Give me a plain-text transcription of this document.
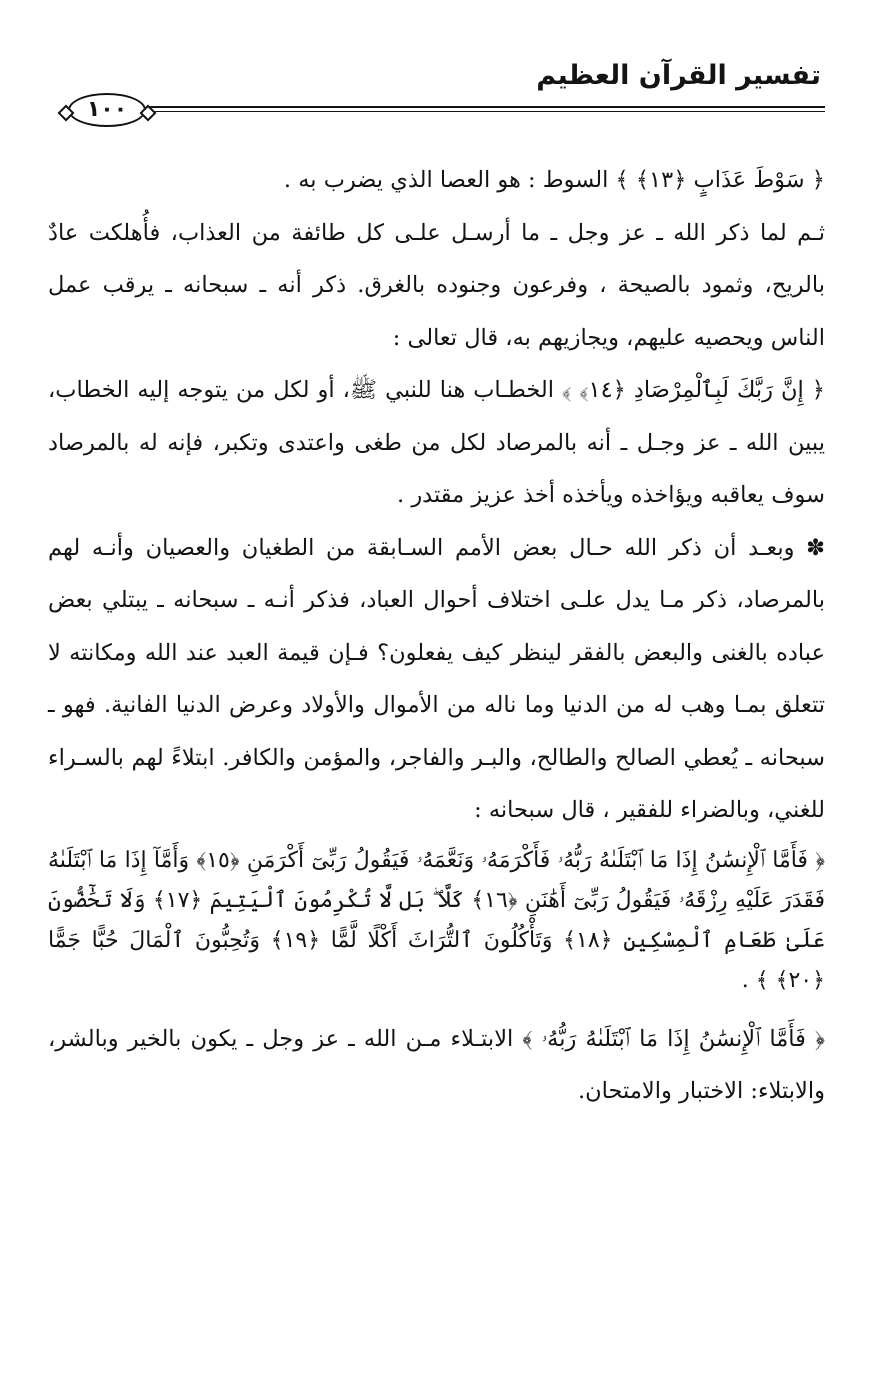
تفسير القرآن العظيم
١٠٠

﴿ سَوْطَ عَذَابٍ ﴿١٣﴾ ﴾ السوط : هو العصا الذي يضرب به .

ثـم لما ذكر الله ـ عز وجل ـ ما أرسـل علـى كل طائفة من العذاب، فأُهلكت عادٌ بالريح، وثمود بالصيحة ، وفرعون وجنوده بالغرق. ذكر أنه ـ سبحانه ـ يرقب عمل الناس ويحصيه عليهم، ويجازيهم به، قال تعالى :

﴿ إِنَّ رَبَّكَ لَبِٱلْمِرْصَادِ ﴿١٤﴾ ﴾ الخطـاب هنا للنبي ﷺ، أو لكل من يتوجه إليه الخطاب، يبين الله ـ عز وجـل ـ أنه بالمرصاد لكل من طغى واعتدى وتكبر، فإنه له بالمرصاد سوف يعاقبه ويؤاخذه ويأخذه أخذ عزيز مقتدر .

✽ وبعـد أن ذكر الله حـال بعض الأمم السـابقة من الطغيان والعصيان وأنـه لهم بالمرصاد، ذكر مـا يدل علـى اختلاف أحوال العباد، فذكر أنـه ـ سبحانه ـ يبتلي بعض عباده بالغنى والبعض بالفقر لينظر كيف يفعلون؟ فـإن قيمة العبد عند الله ومكانته لا تتعلق بمـا وهب له من الدنيا وما ناله من الأموال والأولاد وعرض الدنيا الفانية. فهو ـ سبحانه ـ يُعطي الصالح والطالح، والبـر والفاجر، والمؤمن والكافر. ابتلاءً لهم بالسـراء للغني، وبالضراء للفقير ، قال سبحانه :

﴿ فَأَمَّا ٱلْإِنسَٰنُ إِذَا مَا ٱبْتَلَىٰهُ رَبُّهُۥ فَأَكْرَمَهُۥ وَنَعَّمَهُۥ فَيَقُولُ رَبِّىٓ أَكْرَمَنِ ﴿١٥﴾ وَأَمَّآ إِذَا مَا ٱبْتَلَىٰهُ فَقَدَرَ عَلَيْهِ رِزْقَهُۥ فَيَقُولُ رَبِّىٓ أَهَٰنَنِ ﴿١٦﴾ كَلَّا ۖ بَل لَّا تُكْرِمُونَ ٱلْيَتِيمَ ﴿١٧﴾ وَلَا تَحَٰٓضُّونَ عَلَىٰ طَعَامِ ٱلْمِسْكِينِ ﴿١٨﴾ وَتَأْكُلُونَ ٱلتُّرَاثَ أَكْلًا لَّمًّا ﴿١٩﴾ وَتُحِبُّونَ ٱلْمَالَ حُبًّا جَمًّا ﴿٢٠﴾ ﴾ .

﴿ فَأَمَّا ٱلْإِنسَٰنُ إِذَا مَا ٱبْتَلَىٰهُ رَبُّهُۥ ﴾ الابتـلاء مـن الله ـ عز وجل ـ يكون بالخير وبالشر، والابتلاء: الاختبار والامتحان.
